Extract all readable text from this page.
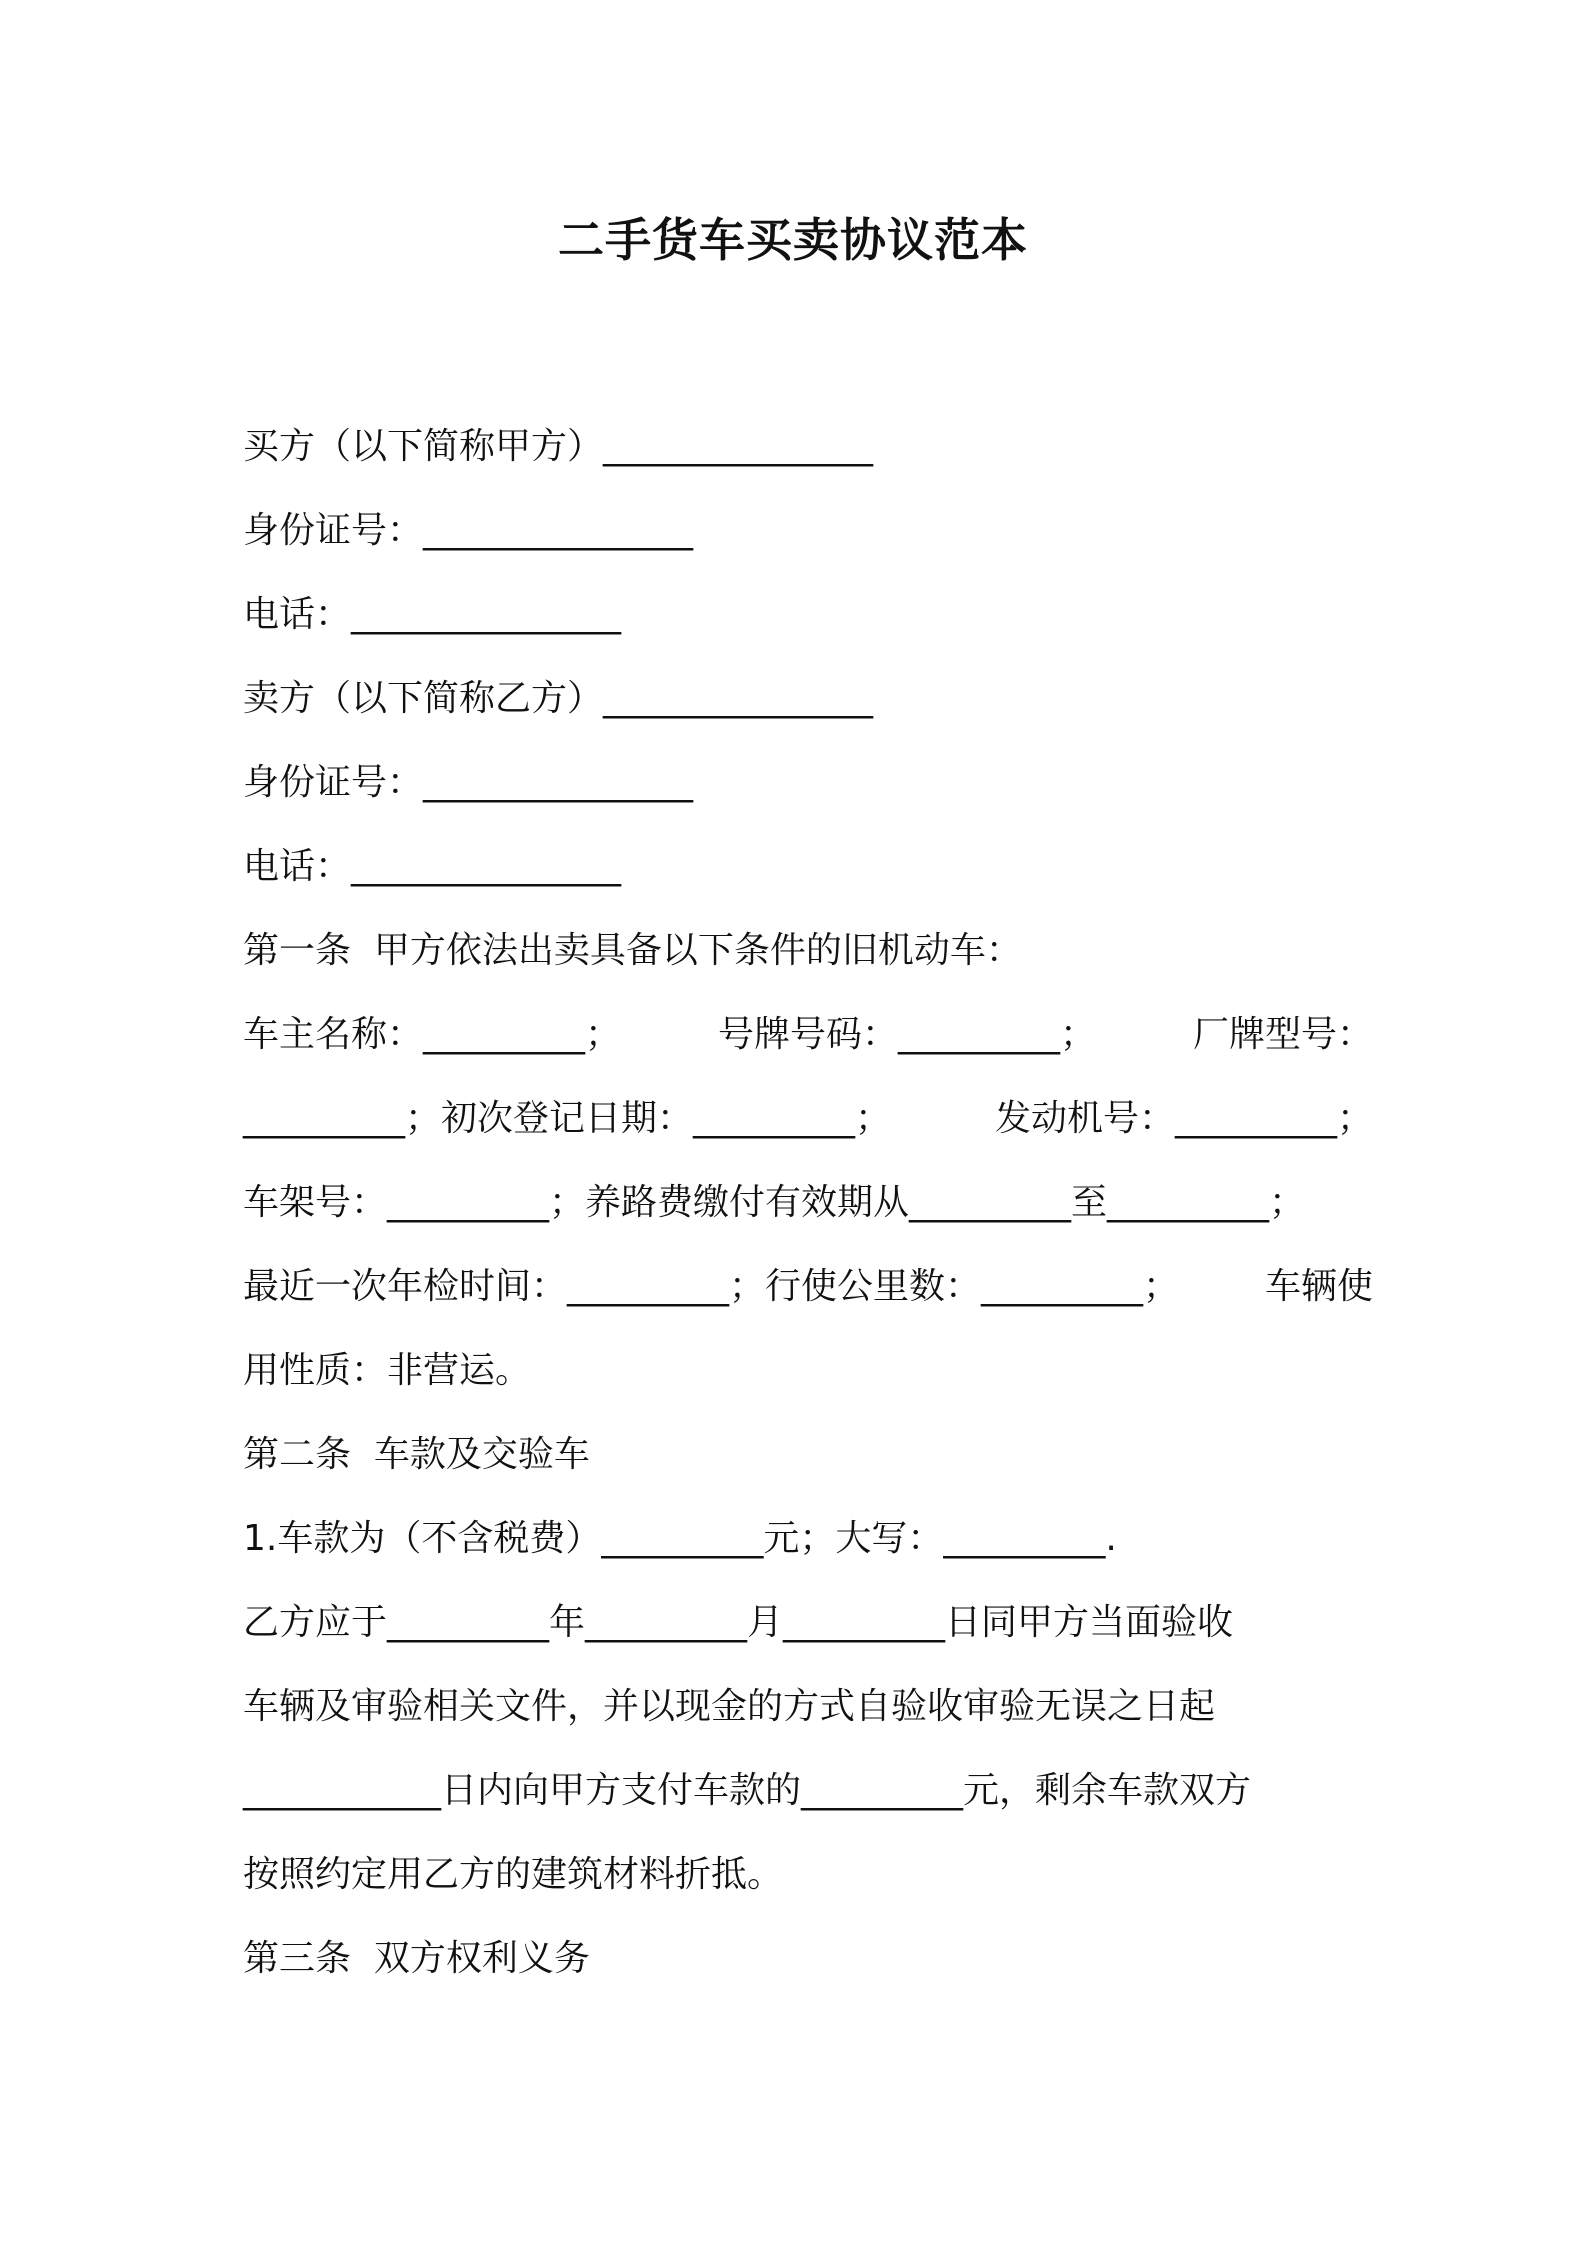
二手货车买卖协议范本

买方（以下简称甲方）_______________

身份证号：_______________

电话：_______________

卖方（以下简称乙方）_______________

身份证号：_______________

电话：_______________

第一条  甲方依法出卖具备以下条件的旧机动车：

车主名称：_________；	号牌号码：_________；	厂牌型号：

_________；初次登记日期：_________；	发动机号：_________；

车架号：_________；养路费缴付有效期从_________至_________；

最近一次年检时间：_________；行使公里数：_________； 车辆使

用性质：非营运。

第二条  车款及交验车

1.车款为（不含税费）_________元；大写：_________.

乙方应于_________年_________月_________日同甲方当面验收

车辆及审验相关文件，并以现金的方式自验收审验无误之日起

___________日内向甲方支付车款的_________元，剩余车款双方

按照约定用乙方的建筑材料折抵。

第三条  双方权利义务
